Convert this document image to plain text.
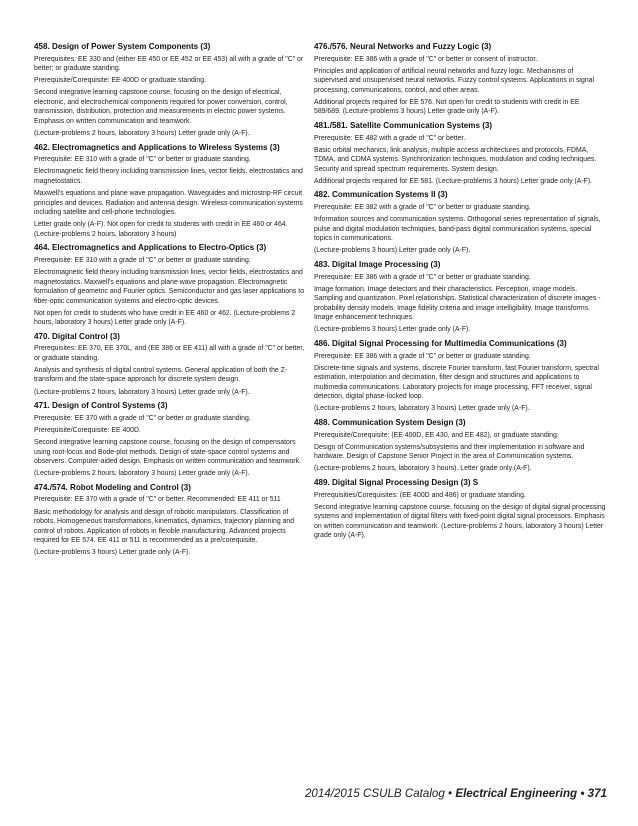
458. Design of Power System Components (3)

Prerequisites: EE 330 and (either EE 450 or EE 452 or EE 453) all with a grade of "C" or better; or graduate standing.

Prerequisite/Corequisite: EE 400D or graduate standing.

Second integrative learning capstone course, focusing on the design of electrical, electronic, and electrochemical components required for power conversion, control, transmission, distribution, protection and measurements in electric power systems. Emphasis on written communication and teamwork.

(Lecture-problems 2 hours, laboratory 3 hours) Letter grade only (A-F).

462. Electromagnetics and Applications to Wireless Systems (3)

Prerequisite: EE 310 with a grade of "C" or better or graduate standing.

Electromagnetic field theory including transmission lines, vector fields, electrostatics and magnetostatics.

Maxwell's equations and plane wave propagation. Waveguides and microstrip-RF circuit principles and devices. Radiation and antenna design. Wireless communication systems including satellite and cell-phone technologies.

Letter grade only (A-F). Not open for credit to students with credit in EE 460 or 464. (Lecture-problems 2 hours, laboratory 3 hours)

464. Electromagnetics and Applications to Electro-Optics (3)

Prerequisite: EE 310 with a grade of "C" or better or graduate standing.

Electromagnetic field theory including transmission lines, vector fields, electrostatics and magnetostatics. Maxwell's equations and plane wave propagation. Electromagnetic formulation of geometric and Fourier optics. Semiconductor and gas laser applications to fiber-optic communication systems and electro-optic devices.

Not open for credit to students who have credit in EE 460 or 462. (Lecture-problems 2 hours, laboratory 3 hours) Letter grade only (A-F).

470. Digital Control (3)

Prerequisites: EE 370, EE 370L, and (EE 386 or EE 411) all with a grade of "C" or better, or graduate standing.

Analysis and synthesis of digital control systems. General application of both the Z-transform and the state-space approach for discrete system design.

(Lecture-problems 2 hours, laboratory 3 hours) Letter grade only (A-F).

471. Design of Control Systems (3)

Prerequisite: EE 370 with a grade of "C" or better or graduate standing.

Prerequisite/Corequisite: EE 400D.

Second integrative learning capstone course, focusing on the design of compensators using root-locus and Bode-plot methods. Design of state-space control systems and observers. Computer-aided design. Emphasis on written communication and teamwork.

(Lecture-problems 2 hours, laboratory 3 hours) Letter grade only (A-F).

474./574. Robot Modeling and Control (3)

Prerequisite: EE 370 with a grade of "C" or better. Recommended: EE 411 or 511

Basic methodology for analysis and design of robotic manipulators. Classification of robots. Homogeneous transformations, kinematics, dynamics, trajectory planning and control of robots. Application of robots in flexible manufacturing. Advanced projects required for EE 574. EE 411 or 511 is recommended as a pre/corequisite.

(Lecture-problems 3 hours) Letter grade only (A-F).

476./576. Neural Networks and Fuzzy Logic (3)

Prerequisite: EE 386 with a grade of "C" or better or consent of instructor.

Principles and application of artificial neural networks and fuzzy logic. Mechanisms of supervised and unsupervised neural networks. Fuzzy control systems. Applications in signal processing, communications, control, and other areas.

Additional projects required for EE 576. Not open for credit to students with credit in EE 589/689. (Lecture-problems 3 hours) Letter grade only (A-F).

481./581. Satellite Communication Systems (3)

Prerequisite: EE 482 with a grade of "C" or better.

Basic orbital mechanics, link analysis, multiple access architectures and protocols, FDMA, TDMA, and CDMA systems. Synchronization techniques, modulation and coding techniques. Security and spread spectrum requirements. System design.

Additional projects required for EE 581. (Lecture-problems 3 hours) Letter grade only (A-F).

482. Communication Systems II (3)

Prerequisite: EE 382 with a grade of "C" or better or graduate standing.

Information sources and communication systems. Orthogonal series representation of signals, pulse and digital modulation techniques, band-pass digital communication systems, special topics in communications.

(Lecture-problems 3 hours) Letter grade only (A-F).

483. Digital Image Processing (3)

Prerequisite: EE 386 with a grade of "C" or better or graduate standing.

Image formation. Image detectors and their characteristics. Perception, image models. Sampling and quantization. Pixel relationships. Statistical characterization of discrete images - probability density models. Image fidelity criteria and image intelligibility. Image transforms. Image enhancement techniques.

(Lecture-problems 3 hours) Letter grade only (A-F).

486. Digital Signal Processing for Multimedia Communications (3)

Prerequisite: EE 386 with a grade of "C" or better or graduate standing.

Discrete-time signals and systems, discrete Fourier transform, fast Fourier transform, spectral estimation, interpolation and decimation, filter design and structures and applications to multimedia communications. Laboratory projects for image processing, FFT receiver, signal detection, digital phase-locked loop.

(Lecture-problems 2 hours, laboratory 3 hours) Letter grade only (A-F).

488. Communication System Design (3)

Prerequisite/Corequisite: (EE 400D, EE 430, and EE 482), or graduate standing.

Design of Communication systems/subsystems and their implementation in software and hardware. Design of Capstone Senior Project in the area of Communication systems.

(Lecture-problems 2 hours, laboratory 3 hours). Letter grade only (A-F).

489. Digital Signal Processing Design (3) S

Prerequisities/Corequisites: (EE 400D and 486) or graduate standing.

Second integrative learning capstone course, focusing on the design of digital signal processing systems and implementation of digital filters with fixed-point digital signal processors. Emphasis on written communication and teamwork. (Lecture-problems 2 hours, laboratory 3 hours) Letter grade only (A-F).

2014/2015 CSULB Catalog • Electrical Engineering • 371
